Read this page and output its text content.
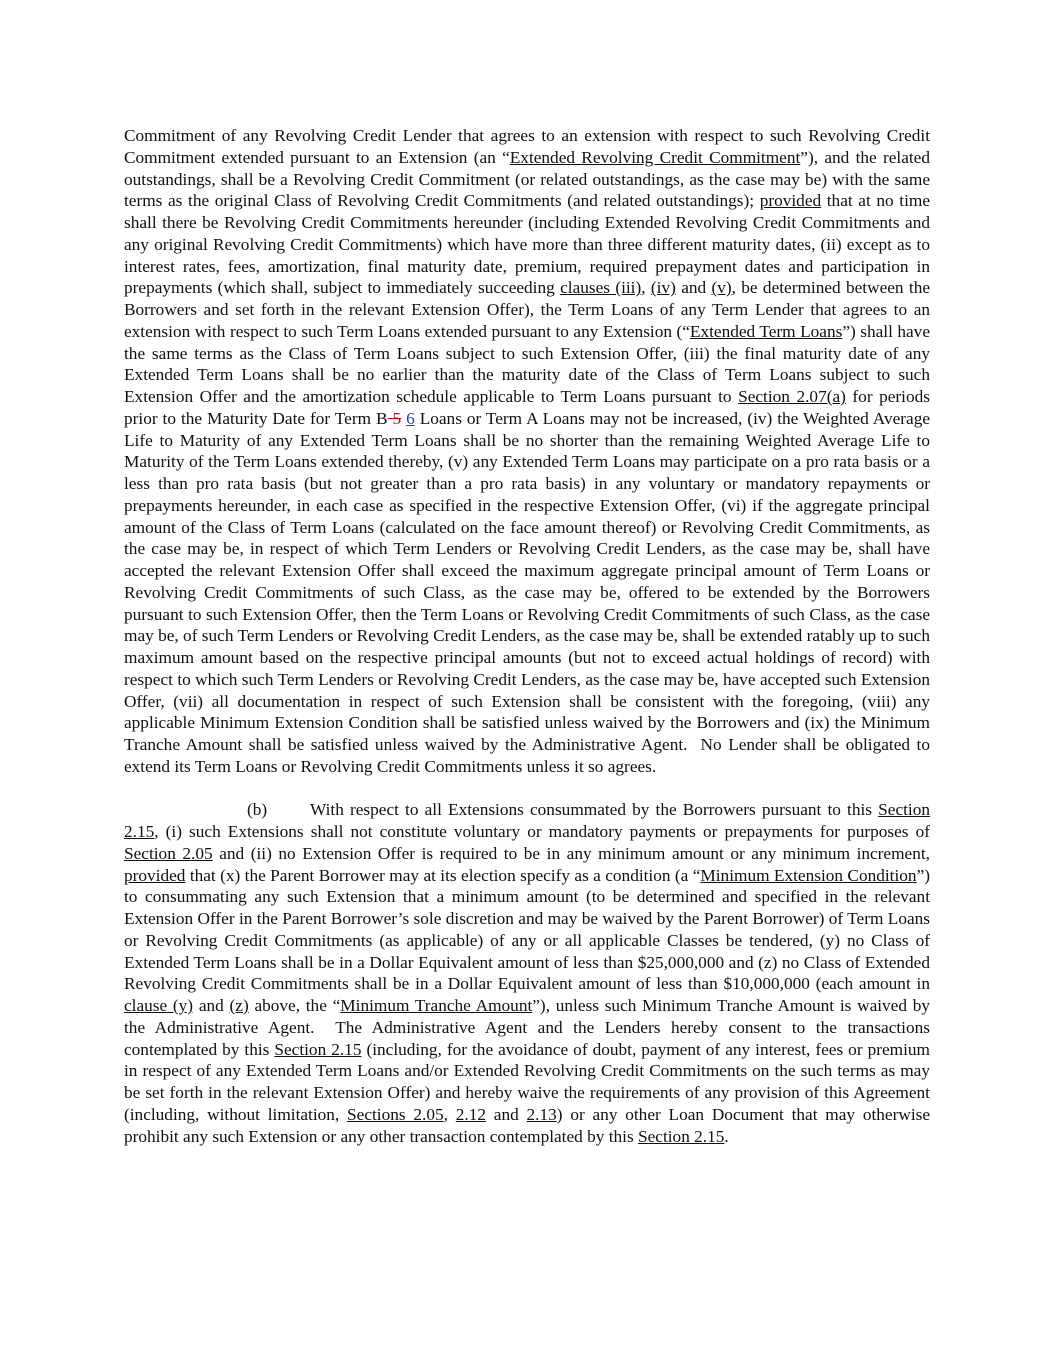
Commitment of any Revolving Credit Lender that agrees to an extension with respect to such Revolving Credit Commitment extended pursuant to an Extension (an “Extended Revolving Credit Commitment”), and the related outstandings, shall be a Revolving Credit Commitment (or related outstandings, as the case may be) with the same terms as the original Class of Revolving Credit Commitments (and related outstandings); provided that at no time shall there be Revolving Credit Commitments hereunder (including Extended Revolving Credit Commitments and any original Revolving Credit Commitments) which have more than three different maturity dates, (ii) except as to interest rates, fees, amortization, final maturity date, premium, required prepayment dates and participation in prepayments (which shall, subject to immediately succeeding clauses (iii), (iv) and (v), be determined between the Borrowers and set forth in the relevant Extension Offer), the Term Loans of any Term Lender that agrees to an extension with respect to such Term Loans extended pursuant to any Extension (“Extended Term Loans”) shall have the same terms as the Class of Term Loans subject to such Extension Offer, (iii) the final maturity date of any Extended Term Loans shall be no earlier than the maturity date of the Class of Term Loans subject to such Extension Offer and the amortization schedule applicable to Term Loans pursuant to Section 2.07(a) for periods prior to the Maturity Date for Term B 5 6 Loans or Term A Loans may not be increased, (iv) the Weighted Average Life to Maturity of any Extended Term Loans shall be no shorter than the remaining Weighted Average Life to Maturity of the Term Loans extended thereby, (v) any Extended Term Loans may participate on a pro rata basis or a less than pro rata basis (but not greater than a pro rata basis) in any voluntary or mandatory repayments or prepayments hereunder, in each case as specified in the respective Extension Offer, (vi) if the aggregate principal amount of the Class of Term Loans (calculated on the face amount thereof) or Revolving Credit Commitments, as the case may be, in respect of which Term Lenders or Revolving Credit Lenders, as the case may be, shall have accepted the relevant Extension Offer shall exceed the maximum aggregate principal amount of Term Loans or Revolving Credit Commitments of such Class, as the case may be, offered to be extended by the Borrowers pursuant to such Extension Offer, then the Term Loans or Revolving Credit Commitments of such Class, as the case may be, of such Term Lenders or Revolving Credit Lenders, as the case may be, shall be extended ratably up to such maximum amount based on the respective principal amounts (but not to exceed actual holdings of record) with respect to which such Term Lenders or Revolving Credit Lenders, as the case may be, have accepted such Extension Offer, (vii) all documentation in respect of such Extension shall be consistent with the foregoing, (viii) any applicable Minimum Extension Condition shall be satisfied unless waived by the Borrowers and (ix) the Minimum Tranche Amount shall be satisfied unless waived by the Administrative Agent.  No Lender shall be obligated to extend its Term Loans or Revolving Credit Commitments unless it so agrees.

(b) With respect to all Extensions consummated by the Borrowers pursuant to this Section 2.15, (i) such Extensions shall not constitute voluntary or mandatory payments or prepayments for purposes of Section 2.05 and (ii) no Extension Offer is required to be in any minimum amount or any minimum increment, provided that (x) the Parent Borrower may at its election specify as a condition (a “Minimum Extension Condition”) to consummating any such Extension that a minimum amount (to be determined and specified in the relevant Extension Offer in the Parent Borrower’s sole discretion and may be waived by the Parent Borrower) of Term Loans or Revolving Credit Commitments (as applicable) of any or all applicable Classes be tendered, (y) no Class of Extended Term Loans shall be in a Dollar Equivalent amount of less than $25,000,000 and (z) no Class of Extended Revolving Credit Commitments shall be in a Dollar Equivalent amount of less than $10,000,000 (each amount in clause (y) and (z) above, the “Minimum Tranche Amount”), unless such Minimum Tranche Amount is waived by the Administrative Agent.  The Administrative Agent and the Lenders hereby consent to the transactions contemplated by this Section 2.15 (including, for the avoidance of doubt, payment of any interest, fees or premium in respect of any Extended Term Loans and/or Extended Revolving Credit Commitments on the such terms as may be set forth in the relevant Extension Offer) and hereby waive the requirements of any provision of this Agreement (including, without limitation, Sections 2.05, 2.12 and 2.13) or any other Loan Document that may otherwise prohibit any such Extension or any other transaction contemplated by this Section 2.15.
